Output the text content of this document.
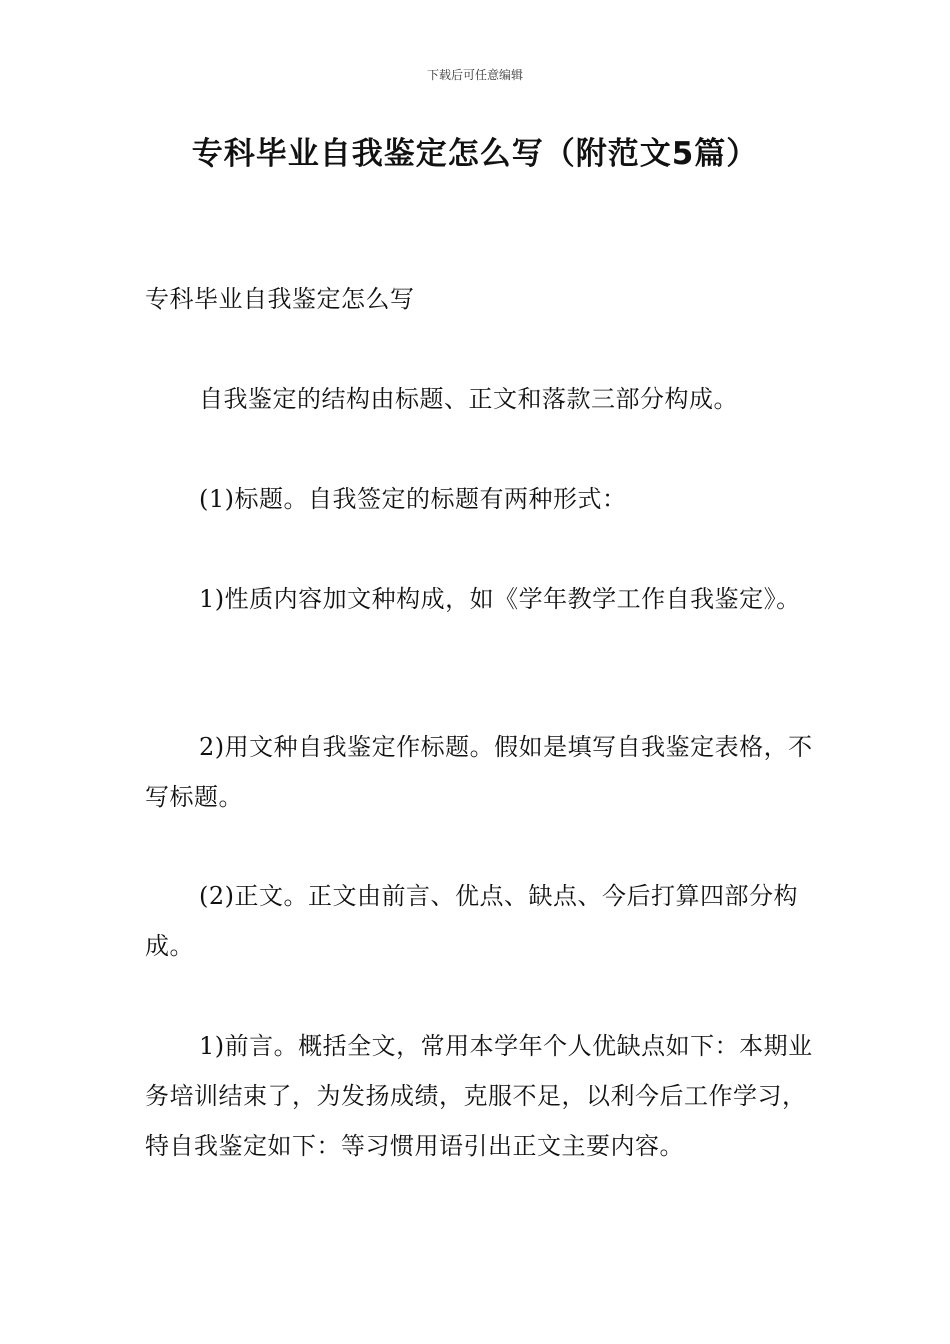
下载后可任意编辑
专科毕业自我鉴定怎么写（附范文5篇）

专科毕业自我鉴定怎么写

自我鉴定的结构由标题、正文和落款三部分构成。

(1)标题。自我签定的标题有两种形式：

1)性质内容加文种构成，如《学年教学工作自我鉴定》。

2)用文种自我鉴定作标题。假如是填写自我鉴定表格，不写标题。

(2)正文。正文由前言、优点、缺点、今后打算四部分构成。

1)前言。概括全文，常用本学年个人优缺点如下：本期业务培训结束了，为发扬成绩，克服不足，以利今后工作学习，特自我鉴定如下：等习惯用语引出正文主要内容。
